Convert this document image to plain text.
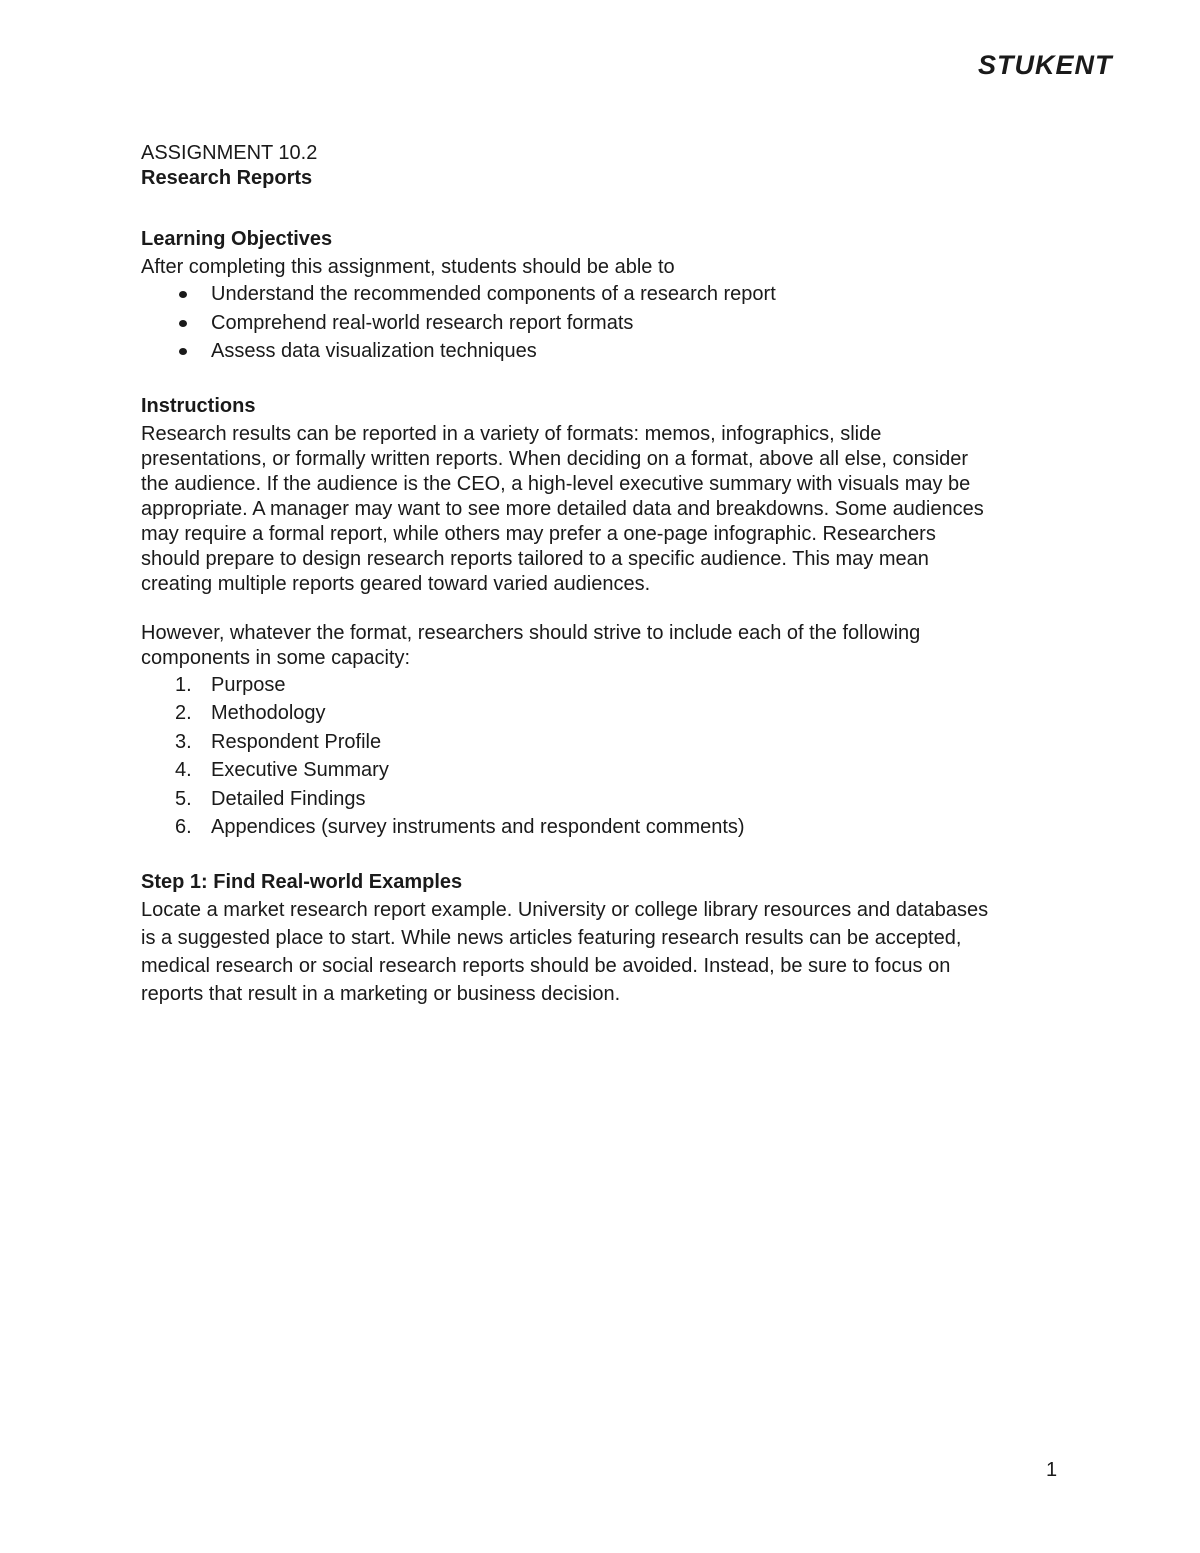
STUKENT
ASSIGNMENT 10.2
Research Reports
Learning Objectives
After completing this assignment, students should be able to
Understand the recommended components of a research report
Comprehend real-world research report formats
Assess data visualization techniques
Instructions
Research results can be reported in a variety of formats: memos, infographics, slide
presentations, or formally written reports. When deciding on a format, above all else, consider
the audience. If the audience is the CEO, a high-level executive summary with visuals may be
appropriate. A manager may want to see more detailed data and breakdowns. Some audiences
may require a formal report, while others may prefer a one-page infographic. Researchers
should prepare to design research reports tailored to a specific audience. This may mean
creating multiple reports geared toward varied audiences.
However, whatever the format, researchers should strive to include each of the following
components in some capacity:
1. Purpose
2. Methodology
3. Respondent Profile
4. Executive Summary
5. Detailed Findings
6. Appendices (survey instruments and respondent comments)
Step 1: Find Real-world Examples
Locate a market research report example. University or college library resources and databases
is a suggested place to start. While news articles featuring research results can be accepted,
medical research or social research reports should be avoided. Instead, be sure to focus on
reports that result in a marketing or business decision.
1
